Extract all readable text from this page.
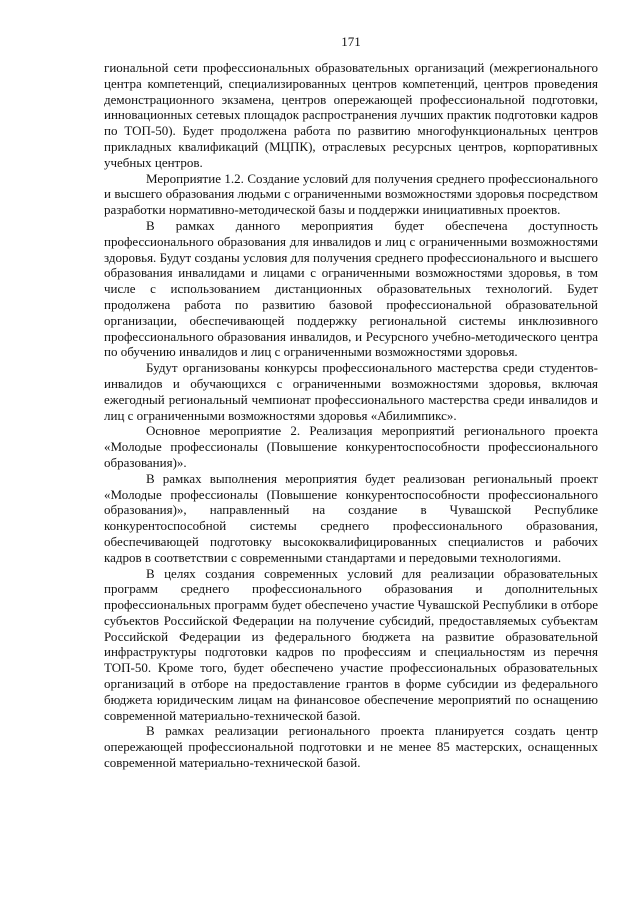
171

гиональной сети профессиональных образовательных организаций (межрегионального центра компетенций, специализированных центров компетенций, центров проведения демонстрационного экзамена, центров опережающей профессиональной подготовки, инновационных сетевых площадок распространения лучших практик подготовки кадров по ТОП-50). Будет продолжена работа по развитию многофункциональных центров прикладных квалификаций (МЦПК), отраслевых ресурсных центров, корпоративных учебных центров.

Мероприятие 1.2. Создание условий для получения среднего профессионального и высшего образования людьми с ограниченными возможностями здоровья посредством разработки нормативно-методической базы и поддержки инициативных проектов.

В рамках данного мероприятия будет обеспечена доступность профессионального образования для инвалидов и лиц с ограниченными возможностями здоровья. Будут созданы условия для получения среднего профессионального и высшего образования инвалидами и лицами с ограниченными возможностями здоровья, в том числе с использованием дистанционных образовательных технологий. Будет продолжена работа по развитию базовой профессиональной образовательной организации, обеспечивающей поддержку региональной системы инклюзивного профессионального образования инвалидов, и Ресурсного учебно-методического центра по обучению инвалидов и лиц с ограниченными возможностями здоровья.

Будут организованы конкурсы профессионального мастерства среди студентов-инвалидов и обучающихся с ограниченными возможностями здоровья, включая ежегодный региональный чемпионат профессионального мастерства среди инвалидов и лиц с ограниченными возможностями здоровья «Абилимпикс».

Основное мероприятие 2. Реализация мероприятий регионального проекта «Молодые профессионалы (Повышение конкурентоспособности профессионального образования)».

В рамках выполнения мероприятия будет реализован региональный проект «Молодые профессионалы (Повышение конкурентоспособности профессионального образования)», направленный на создание в Чувашской Республике конкурентоспособной системы среднего профессионального образования, обеспечивающей подготовку высококвалифицированных специалистов и рабочих кадров в соответствии с современными стандартами и передовыми технологиями.

В целях создания современных условий для реализации образовательных программ среднего профессионального образования и дополнительных профессиональных программ будет обеспечено участие Чувашской Республики в отборе субъектов Российской Федерации на получение субсидий, предоставляемых субъектам Российской Федерации из федерального бюджета на развитие образовательной инфраструктуры подготовки кадров по профессиям и специальностям из перечня ТОП-50. Кроме того, будет обеспечено участие профессиональных образовательных организаций в отборе на предоставление грантов в форме субсидии из федерального бюджета юридическим лицам на финансовое обеспечение мероприятий по оснащению современной материально-технической базой.

В рамках реализации регионального проекта планируется создать центр опережающей профессиональной подготовки и не менее 85 мастерских, оснащенных современной материально-технической базой.
